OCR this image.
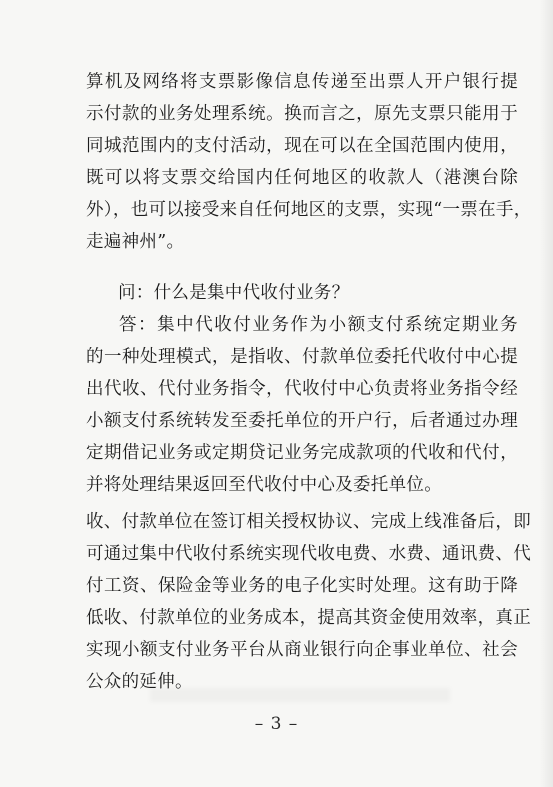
算机及网络将支票影像信息传递至出票人开户银行提
示付款的业务处理系统。换而言之，原先支票只能用于
同城范围内的支付活动，现在可以在全国范围内使用，
既可以将支票交给国内任何地区的收款人（港澳台除
外），也可以接受来自任何地区的支票，实现“一票在手，
走遍神州”。
问：什么是集中代收付业务？
答：集中代收付业务作为小额支付系统定期业务
的一种处理模式，是指收、付款单位委托代收付中心提
出代收、代付业务指令，代收付中心负责将业务指令经
小额支付系统转发至委托单位的开户行，后者通过办理
定期借记业务或定期贷记业务完成款项的代收和代付，
并将处理结果返回至代收付中心及委托单位。
收、付款单位在签订相关授权协议、完成上线准备后，即
可通过集中代收付系统实现代收电费、水费、通讯费、代
付工资、保险金等业务的电子化实时处理。这有助于降
低收、付款单位的业务成本，提高其资金使用效率，真正
实现小额支付业务平台从商业银行向企事业单位、社会
公众的延伸。
– 3 –
